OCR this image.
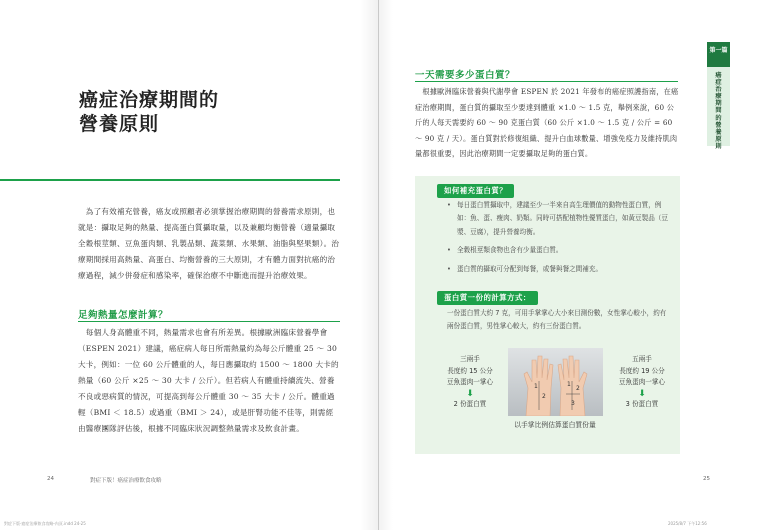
癌症治療期間的
營養原則
　為了有效補充營養，癌友或照顧者必須掌握治療期間的營養需求原則，也就是：攝取足夠的熱量、提高蛋白質攝取量，以及兼顧均衡營養（適量攝取全穀根莖類、豆魚蛋肉類、乳製品類、蔬菜類、水果類、油脂與堅果類）。治療期間採用高熱量、高蛋白、均衡營養的三大原則，才有體力面對抗癌的治療過程，減少併發症和感染率，確保治療不中斷進而提升治療效果。
足夠熱量怎麼計算？
　每個人身高體重不同，熱量需求也會有所差異。根據歐洲臨床營養學會（ESPEN 2021）建議，癌症病人每日所需熱量約為每公斤體重 25 ～ 30 大卡，例如：一位 60 公斤體重的人，每日應攝取約 1500 ～ 1800 大卡的熱量（60 公斤 ×25 ～ 30 大卡 / 公斤）。但若病人有體重持續流失、營養不良或惡病質的情況，可提高到每公斤體重 30 ～ 35 大卡 / 公斤。體重過輕（BMI ＜ 18.5）或過重（BMI ＞ 24），或是肝腎功能不佳等，則需經由醫療團隊評估後，根據不同臨床狀況調整熱量需求及飲食計畫。
24	對症下版！癌症治療飲食攻略
一天需要多少蛋白質？
　根據歐洲臨床營養與代謝學會 ESPEN 於 2021 年發布的癌症照護指南，在癌症治療期間，蛋白質的攝取至少要達到體重 ×1.0 ～ 1.5 克，舉例來說，60 公斤的人每天需要約 60 ～ 90 克蛋白質（60 公斤 ×1.0 ～ 1.5 克 / 公斤 = 60 ～ 90 克 / 天）。蛋白質對於修復組織、提升白血球數量、增強免疫力及維持肌肉量都很重要，因此治療期間一定要攝取足夠的蛋白質。
如何補充蛋白質？
• 每日蛋白質攝取中，建議至少一半來自高生理價值的動物性蛋白質，例如：魚、蛋、瘦肉、奶類。同時可搭配植物性優質蛋白，如黃豆製品（豆漿、豆腐），提升營養均衡。
• 全穀根莖類食物也含有少量蛋白質。
• 蛋白質的攝取可分配到每餐，或餐與餐之間補充。
蛋白質一份的計算方式：
一份蛋白質大約 7 克，可用手掌掌心大小來目測份數，女性掌心較小，約有兩份蛋白質，男性掌心較大，約有三份蛋白質。
三兩手
長度約 15 公分
豆魚蛋肉一掌心
⬇
2 份蛋白質
1
2
1
2
3
五兩手
長度約 19 公分
豆魚蛋肉一掌心
⬇
3 份蛋白質
以手掌比例估算蛋白質份量
第一篇
癌症治療期間的營養原則
25
對症下版-癌症治療飲食攻略-內頁.indd 24-25	2025/8/7 下午12:56
